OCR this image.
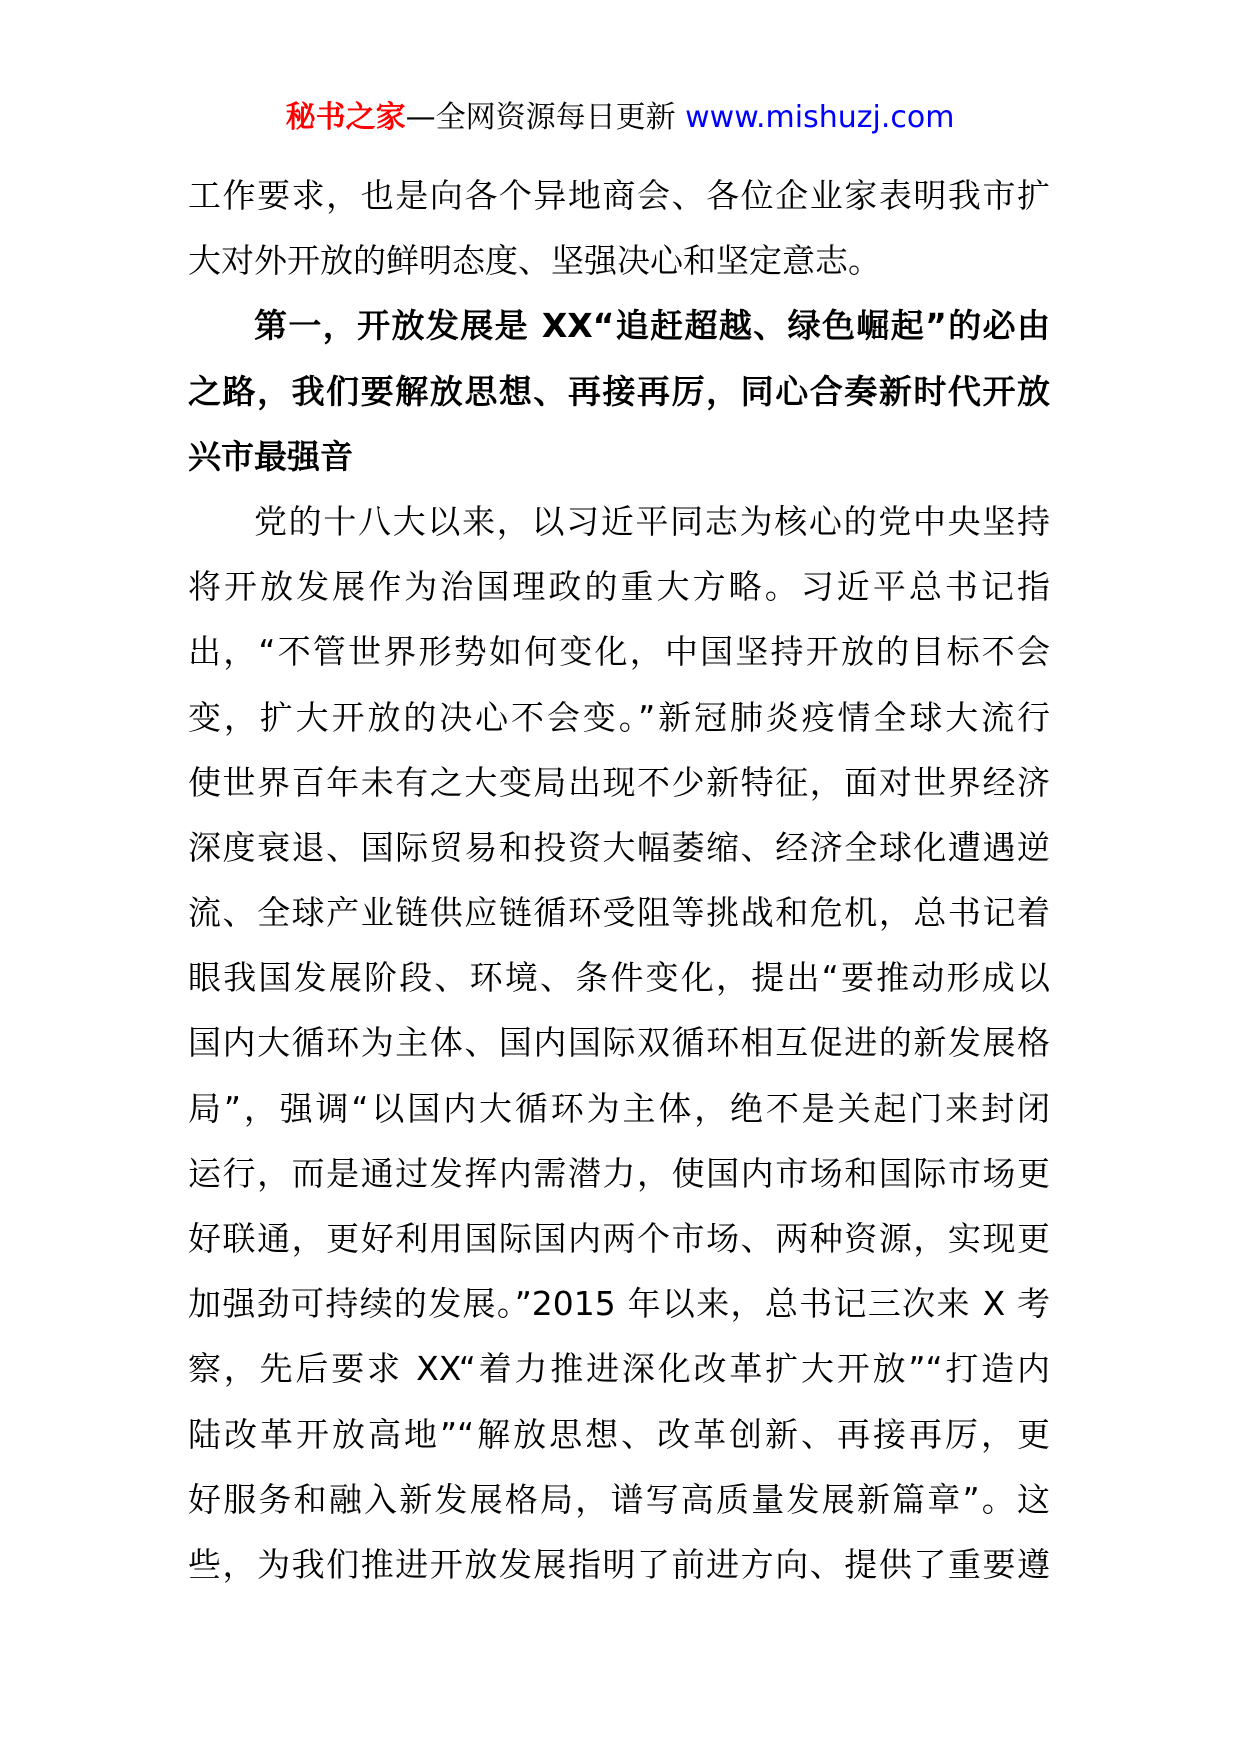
秘书之家—全网资源每日更新 www.mishuzj.com
工作要求，也是向各个异地商会、各位企业家表明我市扩
大对外开放的鲜明态度、坚强决心和坚定意志。
第一，开放发展是 XX“追赶超越、绿色崛起”的必由
之路，我们要解放思想、再接再厉，同心合奏新时代开放
兴市最强音
党的十八大以来，以习近平同志为核心的党中央坚持
将开放发展作为治国理政的重大方略。习近平总书记指
出，“不管世界形势如何变化，中国坚持开放的目标不会
变，扩大开放的决心不会变。”新冠肺炎疫情全球大流行
使世界百年未有之大变局出现不少新特征，面对世界经济
深度衰退、国际贸易和投资大幅萎缩、经济全球化遭遇逆
流、全球产业链供应链循环受阻等挑战和危机，总书记着
眼我国发展阶段、环境、条件变化，提出“要推动形成以
国内大循环为主体、国内国际双循环相互促进的新发展格
局”，强调“以国内大循环为主体，绝不是关起门来封闭
运行，而是通过发挥内需潜力，使国内市场和国际市场更
好联通，更好利用国际国内两个市场、两种资源，实现更
加强劲可持续的发展。”2015 年以来，总书记三次来 X 考
察，先后要求 XX“着力推进深化改革扩大开放”“打造内
陆改革开放高地”“解放思想、改革创新、再接再厉，更
好服务和融入新发展格局，谱写高质量发展新篇章”。这
些，为我们推进开放发展指明了前进方向、提供了重要遵
